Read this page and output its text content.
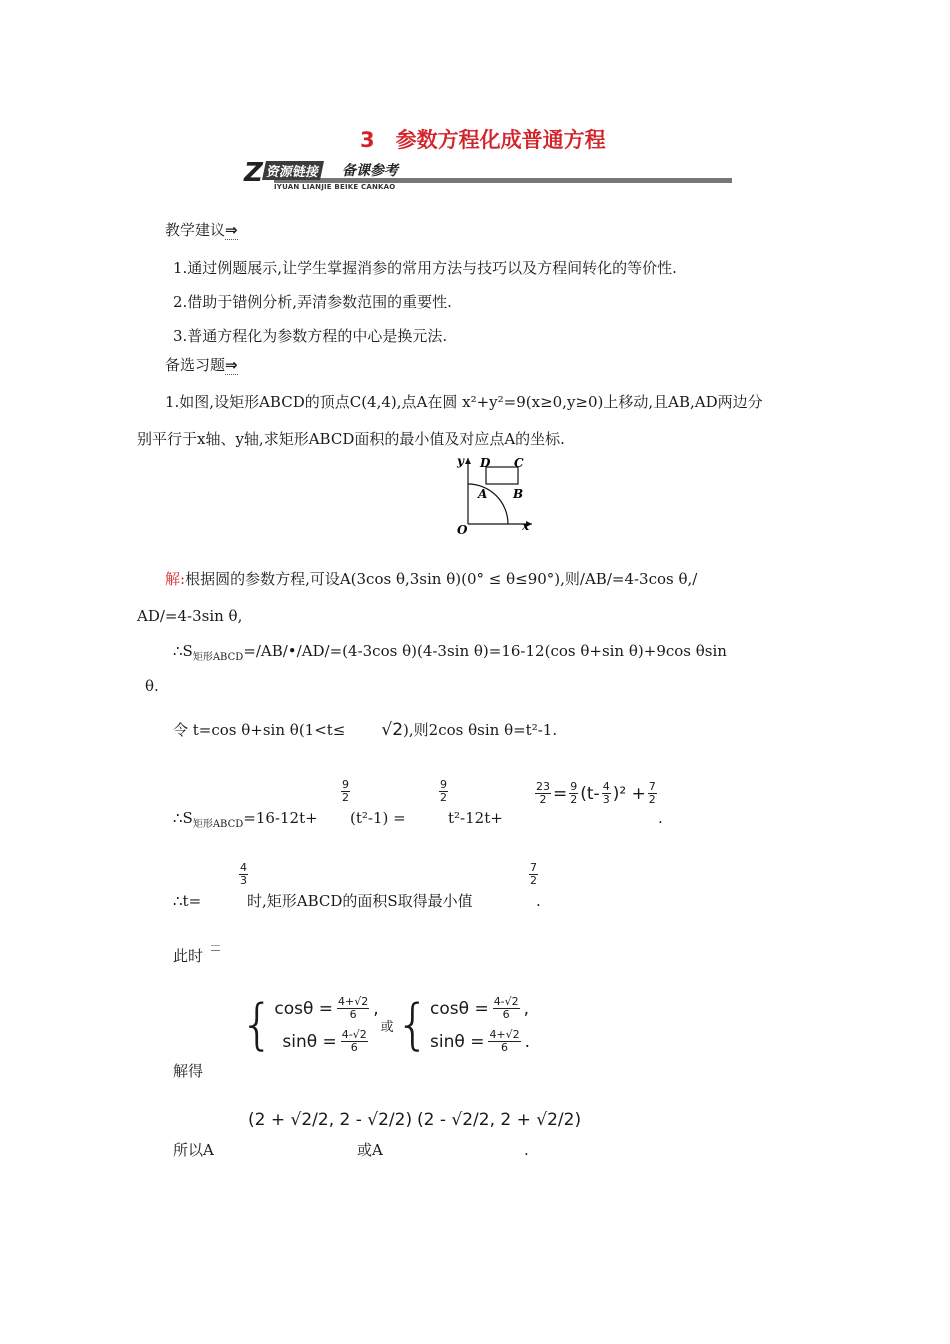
3　参数方程化成普通方程
Z 资源链接 备课参考
IYUAN LIANJIE BEIKE CANKAO
教学建议⇒
1.通过例题展示,让学生掌握消参的常用方法与技巧以及方程间转化的等价性.
2.借助于错例分析,弄清参数范围的重要性.
3.普通方程化为参数方程的中心是换元法.
备选习题⇒
1.如图,设矩形ABCD的顶点C(4,4),点A在圆 x²+y²=9(x≥0,y≥0)上移动,且AB,AD两边分
别平行于x轴、y轴,求矩形ABCD面积的最小值及对应点A的坐标.
y
x
O
A B
C
D
解:根据圆的参数方程,可设A(3cos θ,3sin θ)(0° ≤ θ≤90°),则/AB/=4-3cos θ,/
AD/=4-3sin θ,
$\therefore S_{矩形ABCD}=/AB/•/AD/=(4-3\cos$ θ)(4-3sin θ)=16-12(cos θ+sin θ)+9cos θsin
θ.
令 t=cos θ+sin θ(1<t≤ √2),则2cos θsin θ=t²-1.
$\therefore S_{矩形ABCD}=16-12t+$
$\frac{9}{2}$
(t²-1) =
$\frac{9}{2}$
t²-12t+
$\frac{23}{2} = \frac{9}{2} (t- \frac{4}{3} )^2 + \frac{7}{2}$
.
∴t=
$\frac{4}{3}$
时,矩形ABCD的面积S取得最小值
$\frac{7}{2}$
.
此时
⎯⎯⎯
解得
{ $\cos\theta = \frac{4+√2}{6}$ ,
$\sin\theta = \frac{4-√2}{6}$
或 { $\cos\theta = \frac{4-√2}{6}$ ,
$\sin\theta = \frac{4+√2}{6}$ .
所以A
(2 + √2/2, 2 - √2/2)
或A
(2 - √2/2, 2 + √2/2)
.
